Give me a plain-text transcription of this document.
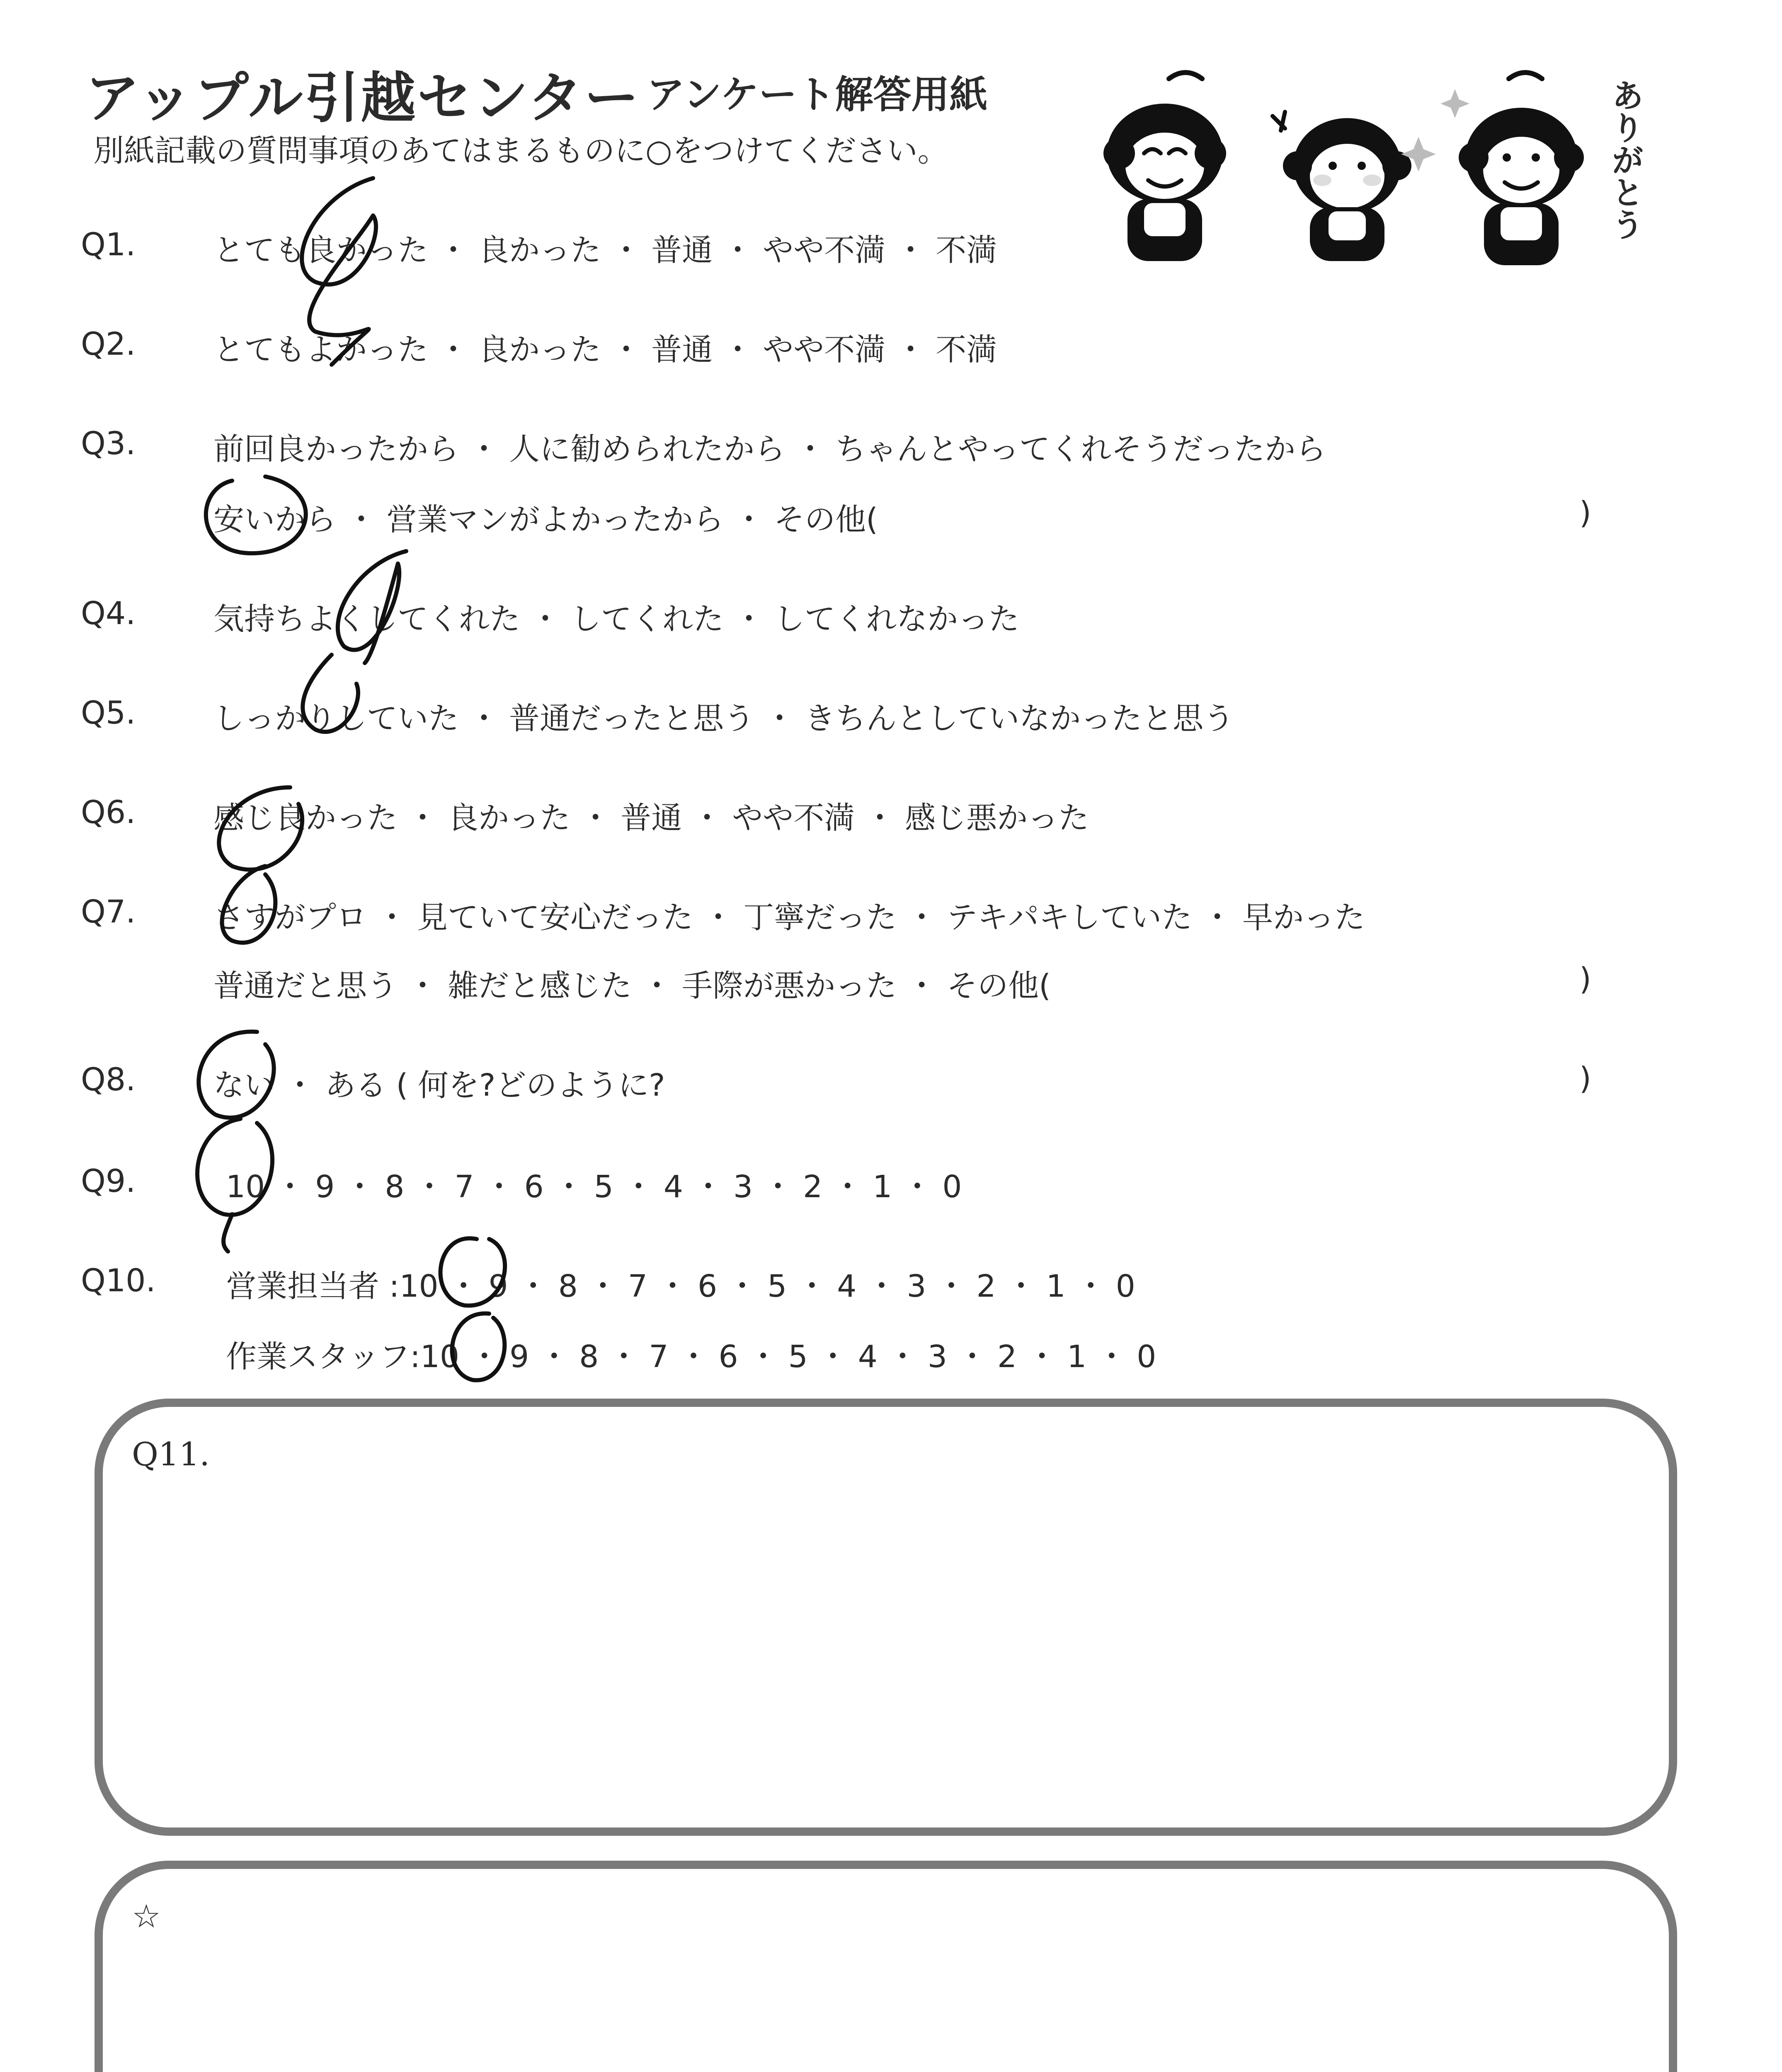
アップル引越センター アンケート解答用紙
別紙記載の質問事項のあてはまるものに○をつけてください。	ありがとう
Q1.	とても良かった ・ 良かった ・ 普通 ・ やや不満 ・ 不満
Q2.	とてもよかった ・ 良かった ・ 普通 ・ やや不満 ・ 不満
Q3.	前回良かったから ・ 人に勧められたから ・ ちゃんとやってくれそうだったから
安いから ・ 営業マンがよかったから ・ その他(	)
Q4.	気持ちよくしてくれた ・ してくれた ・ してくれなかった
Q5.	しっかりしていた ・ 普通だったと思う ・ きちんとしていなかったと思う
Q6.	感じ良かった ・ 良かった ・ 普通 ・ やや不満 ・ 感じ悪かった
Q7.	さすがプロ ・ 見ていて安心だった ・ 丁寧だった ・ テキパキしていた ・ 早かった
普通だと思う ・ 雑だと感じた ・ 手際が悪かった ・ その他(	)
Q8.	ない ・ ある ( 何を?どのように?	)
Q9.	10 ・ 9 ・ 8 ・ 7 ・ 6 ・ 5 ・ 4 ・ 3 ・ 2 ・ 1 ・ 0
Q10. 営業担当者 :10 ・ 9 ・ 8 ・ 7 ・ 6 ・ 5 ・ 4 ・ 3 ・ 2 ・ 1 ・ 0
作業スタッフ:10 ・ 9 ・ 8 ・ 7 ・ 6 ・ 5 ・ 4 ・ 3 ・ 2 ・ 1 ・ 0
Q11.
☆
